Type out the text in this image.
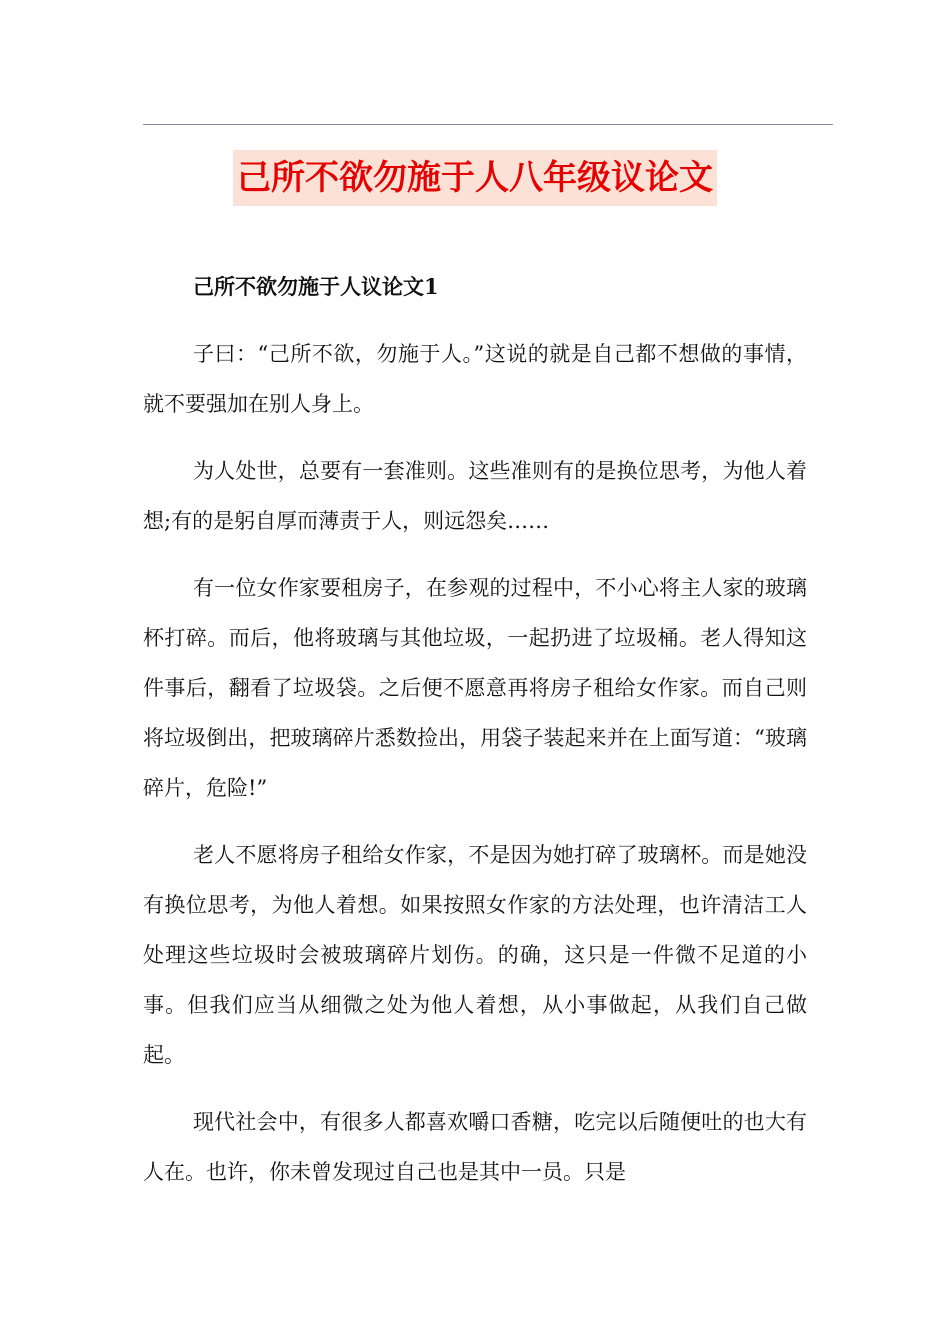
己所不欲勿施于人八年级议论文
己所不欲勿施于人议论文1

子曰：“己所不欲，勿施于人。”这说的就是自己都不想做的事情，就不要强加在别人身上。

为人处世，总要有一套准则。这些准则有的是换位思考，为他人着想;有的是躬自厚而薄责于人，则远怨矣……

有一位女作家要租房子，在参观的过程中，不小心将主人家的玻璃杯打碎。而后，他将玻璃与其他垃圾，一起扔进了垃圾桶。老人得知这件事后，翻看了垃圾袋。之后便不愿意再将房子租给女作家。而自己则将垃圾倒出，把玻璃碎片悉数捡出，用袋子装起来并在上面写道：“玻璃碎片，危险!”

老人不愿将房子租给女作家，不是因为她打碎了玻璃杯。而是她没有换位思考，为他人着想。如果按照女作家的方法处理，也许清洁工人处理这些垃圾时会被玻璃碎片划伤。的确，这只是一件微不足道的小事。但我们应当从细微之处为他人着想，从小事做起，从我们自己做起。

现代社会中，有很多人都喜欢嚼口香糖，吃完以后随便吐的也大有人在。也许，你未曾发现过自己也是其中一员。只是
